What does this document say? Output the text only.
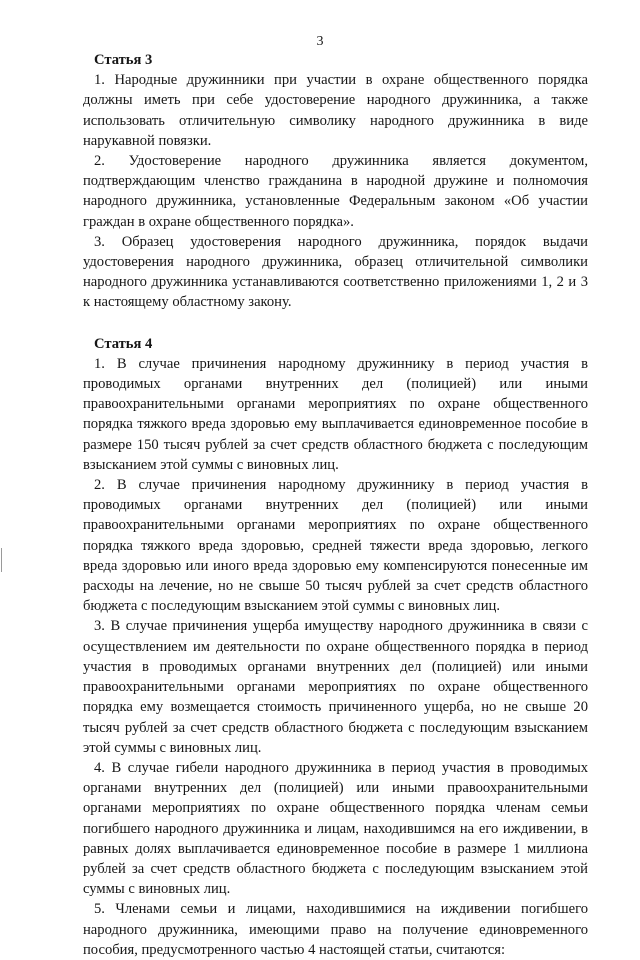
3

Статья 3

1. Народные дружинники при участии в охране общественного порядка должны иметь при себе удостоверение народного дружинника, а также использовать отличительную символику народного дружинника в виде нарукавной повязки.

2. Удостоверение народного дружинника является документом, подтверждающим членство гражданина в народной дружине и полномочия народного дружинника, установленные Федеральным законом «Об участии граждан в охране общественного порядка».

3. Образец удостоверения народного дружинника, порядок выдачи удостоверения народного дружинника, образец отличительной символики народного дружинника устанавливаются соответственно приложениями 1, 2 и 3 к настоящему областному закону.

Статья 4

1. В случае причинения народному дружиннику в период участия в проводимых органами внутренних дел (полицией) или иными правоохранительными органами мероприятиях по охране общественного порядка тяжкого вреда здоровью ему выплачивается единовременное пособие в размере 150 тысяч рублей за счет средств областного бюджета с последующим взысканием этой суммы с виновных лиц.

2. В случае причинения народному дружиннику в период участия в проводимых органами внутренних дел (полицией) или иными правоохранительными органами мероприятиях по охране общественного порядка тяжкого вреда здоровью, средней тяжести вреда здоровью, легкого вреда здоровью или иного вреда здоровью ему компенсируются понесенные им расходы на лечение, но не свыше 50 тысяч рублей за счет средств областного бюджета с последующим взысканием этой суммы с виновных лиц.

3. В случае причинения ущерба имуществу народного дружинника в связи с осуществлением им деятельности по охране общественного порядка в период участия в проводимых органами внутренних дел (полицией) или иными правоохранительными органами мероприятиях по охране общественного порядка ему возмещается стоимость причиненного ущерба, но не свыше 20 тысяч рублей за счет средств областного бюджета с последующим взысканием этой суммы с виновных лиц.

4. В случае гибели народного дружинника в период участия в проводимых органами внутренних дел (полицией) или иными правоохранительными органами мероприятиях по охране общественного порядка членам семьи погибшего народного дружинника и лицам, находившимся на его иждивении, в равных долях выплачивается единовременное пособие в размере 1 миллиона рублей за счет средств областного бюджета с последующим взысканием этой суммы с виновных лиц.

5. Членами семьи и лицами, находившимися на иждивении погибшего народного дружинника, имеющими право на получение единовременного пособия, предусмотренного частью 4 настоящей статьи, считаются:
